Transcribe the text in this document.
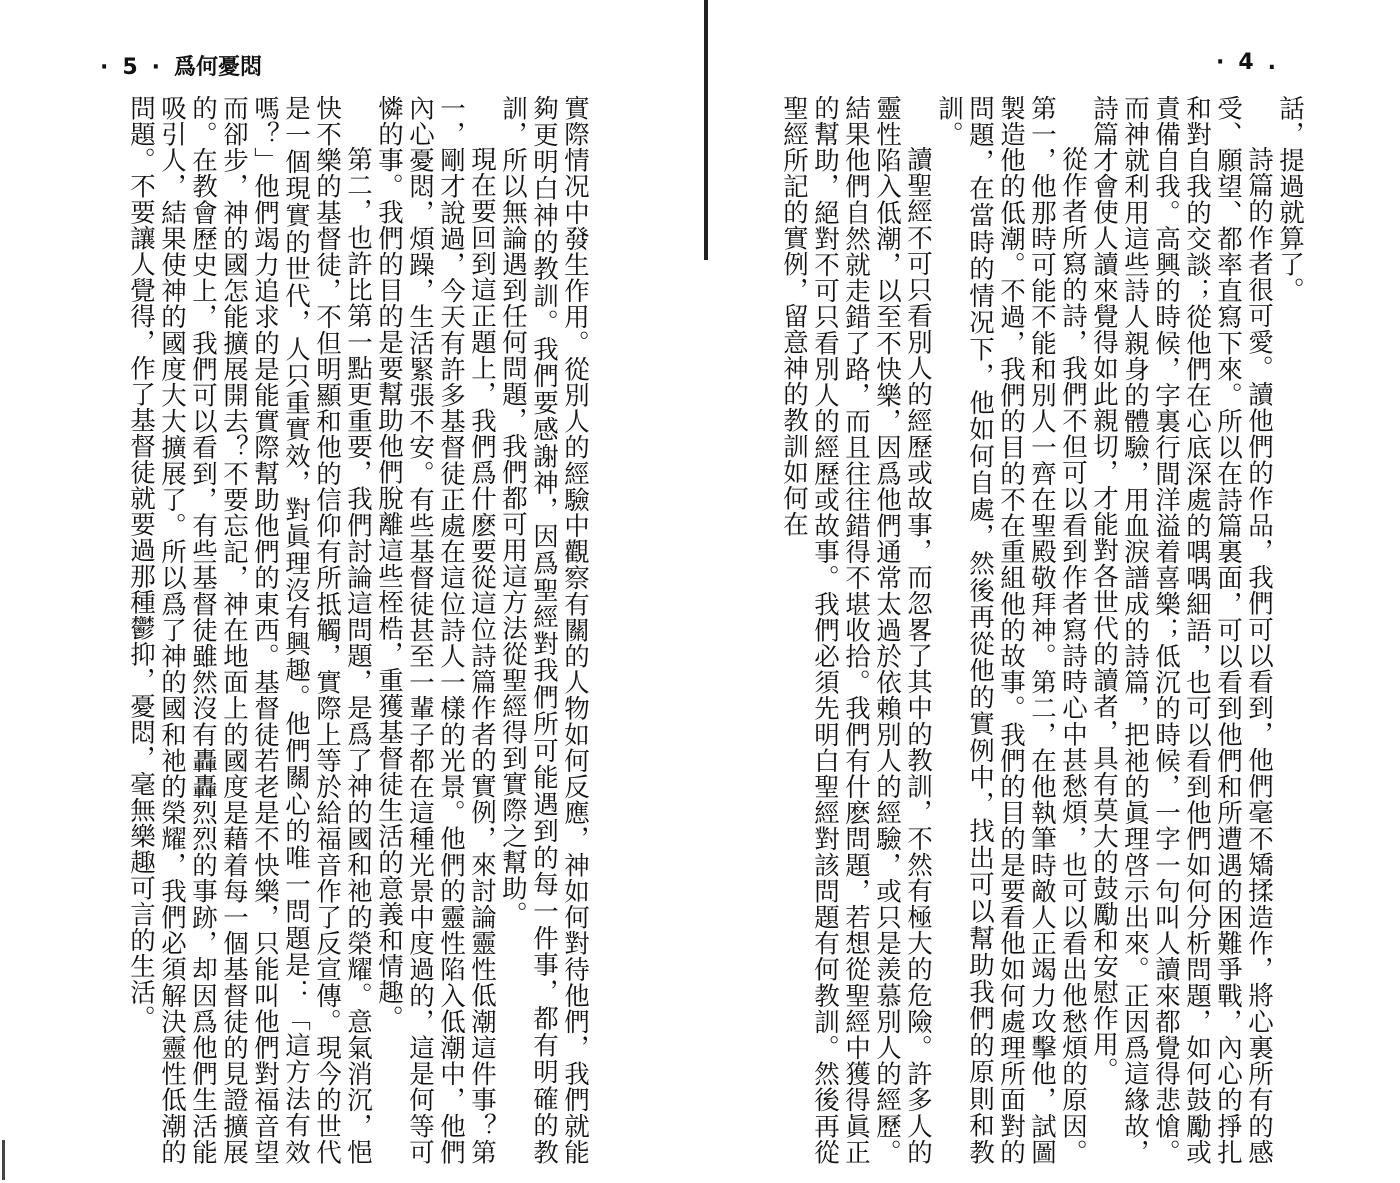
· 5 · 爲何憂悶

實際情况中發生作用。從別人的經驗中觀察有關的人物如何反應，神如何對待他們，我們就能夠更明白神的教訓。我們要感謝神，因爲聖經對我們所可能遇到的每一件事，都有明確的教訓，所以無論遇到任何問題，我們都可用這方法從聖經得到實際之幫助。

現在要回到這正題上，我們爲什麽要從這位詩篇作者的實例，來討論靈性低潮這件事？第一，剛才說過，今天有許多基督徒正處在這位詩人一樣的光景。他們的靈性陷入低潮中，他們內心憂悶，煩躁，生活緊張不安。有些基督徒甚至一輩子都在這種光景中度過的，這是何等可憐的事。我們的目的是要幫助他們脫離這些桎梏，重獲基督徒生活的意義和情趣。

第二，也許比第一點更重要，我們討論這問題，是爲了神的國和祂的榮耀。意氣消沉，悒快不樂的基督徒，不但明顯和他的信仰有所抵觸，實際上等於給福音作了反宣傳。現今的世代是一個現實的世代，人只重實效，對眞理沒有興趣。他們關心的唯一問題是：「這方法有效嗎？」他們竭力追求的是能實際幫助他們的東西。基督徒若老是不快樂，只能叫他們對福音望而卻步，神的國怎能擴展開去？不要忘記，神在地面上的國度是藉着每一個基督徒的見證擴展的。在教會歷史上，我們可以看到，有些基督徒雖然沒有轟轟烈烈的事跡，却因爲他們生活能吸引人，結果使神的國度大大擴展了。所以爲了神的國和祂的榮耀，我們必須解決靈性低潮的問題。不要讓人覺得，作了基督徒就要過那種鬱抑，憂悶，毫無樂趣可言的生活。

· 4 .

話，提過就算了。

詩篇的作者很可愛。讀他們的作品，我們可以看到，他們毫不矯揉造作，將心裏所有的感受、願望、都率直寫下來。所以在詩篇裏面，可以看到他們和所遭遇的困難爭戰，內心的掙扎和對自我的交談；從他們在心底深處的喁喁細語，也可以看到他們如何分析問題，如何鼓勵或責備自我。高興的時候，字裏行間洋溢着喜樂；低沉的時候，一字一句叫人讀來都覺得悲愴。而神就利用這些詩人親身的體驗，用血淚譜成的詩篇，把祂的眞理啓示出來。正因爲這緣故，詩篇才會使人讀來覺得如此親切，才能對各世代的讀者，具有莫大的鼓勵和安慰作用。

從作者所寫的詩，我們不但可以看到作者寫詩時心中甚愁煩，也可以看出他愁煩的原因。第一，他那時可能不能和別人一齊在聖殿敬拜神。第二，在他執筆時敵人正竭力攻擊他，試圖製造他的低潮。不過，我們的目的不在重組他的故事。我們的目的是要看他如何處理所面對的問題，在當時的情况下，他如何自處，然後再從他的實例中，找出可以幫助我們的原則和教訓。

讀聖經不可只看別人的經歷或故事，而忽畧了其中的教訓，不然有極大的危險。許多人的靈性陷入低潮，以至不快樂，因爲他們通常太過於依賴別人的經驗，或只是羨慕別人的經歷。結果他們自然就走錯了路，而且往往錯得不堪收拾。我們有什麽問題，若想從聖經中獲得眞正的幫助，絕對不可只看別人的經歷或故事。我們必須先明白聖經對該問題有何教訓。然後再從聖經所記的實例，留意神的教訓如何在
